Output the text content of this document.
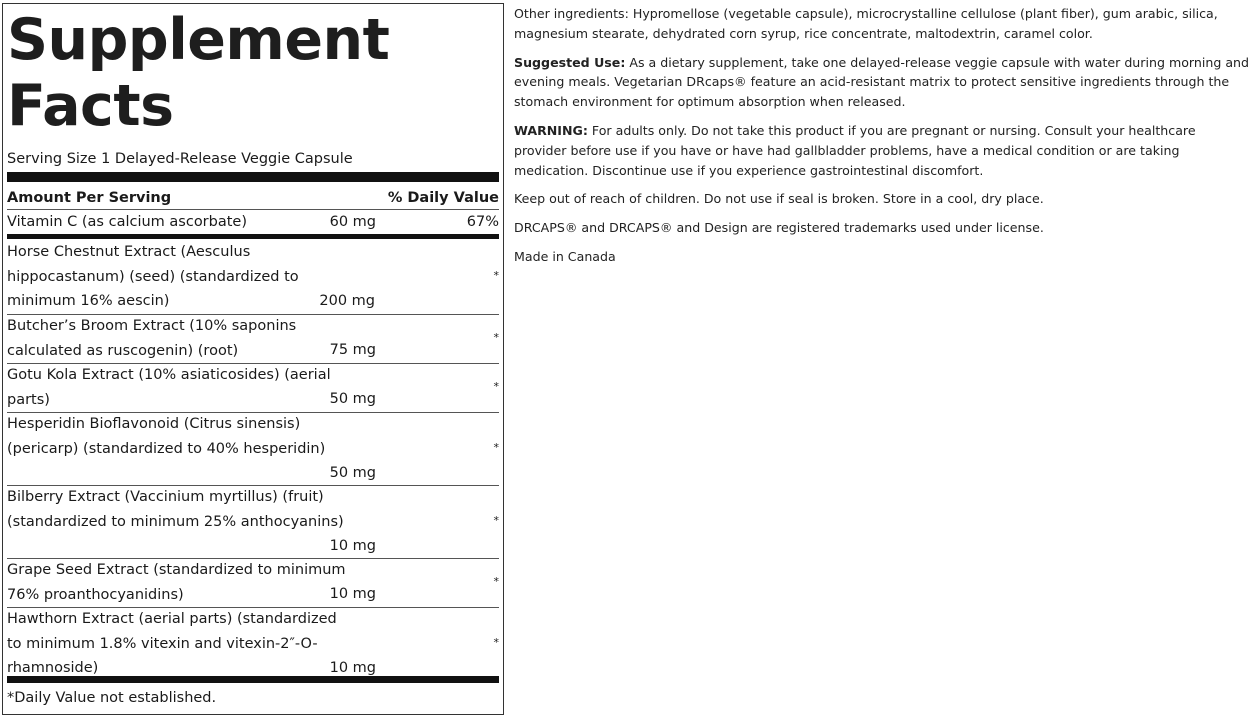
Supplement
Facts
Serving Size 1 Delayed-Release Veggie Capsule
Amount Per Serving	% Daily Value
Vitamin C (as calcium ascorbate)	60 mg	67%
Horse Chestnut Extract (Aesculus
hippocastanum) (seed) (standardized to
minimum 16% aescin)	200 mg
*
Butcher’s Broom Extract (10% saponins
calculated as ruscogenin) (root)	75 mg
*
Gotu Kola Extract (10% asiaticosides) (aerial
parts)	50 mg
*
Hesperidin Bioflavonoid (Citrus sinensis)
(pericarp) (standardized to 40% hesperidin)
50 mg
*
Bilberry Extract (Vaccinium myrtillus) (fruit)
(standardized to minimum 25% anthocyanins)
10 mg
*
Grape Seed Extract (standardized to minimum
76% proanthocyanidins)	10 mg
*
Hawthorn Extract (aerial parts) (standardized
to minimum 1.8% vitexin and vitexin-2″-O-
rhamnoside)	10 mg
*
*Daily Value not established.

Other ingredients: Hypromellose (vegetable capsule), microcrystalline cellulose (plant fiber), gum arabic, silica, magnesium stearate, dehydrated corn syrup, rice concentrate, maltodextrin, caramel color.

Suggested Use: As a dietary supplement, take one delayed-release veggie capsule with water during morning and evening meals. Vegetarian DRcaps® feature an acid-resistant matrix to protect sensitive ingredients through the stomach environment for optimum absorption when released.

WARNING: For adults only. Do not take this product if you are pregnant or nursing. Consult your healthcare provider before use if you have or have had gallbladder problems, have a medical condition or are taking medication. Discontinue use if you experience gastrointestinal discomfort.

Keep out of reach of children. Do not use if seal is broken. Store in a cool, dry place.

DRCAPS® and DRCAPS® and Design are registered trademarks used under license.

Made in Canada
